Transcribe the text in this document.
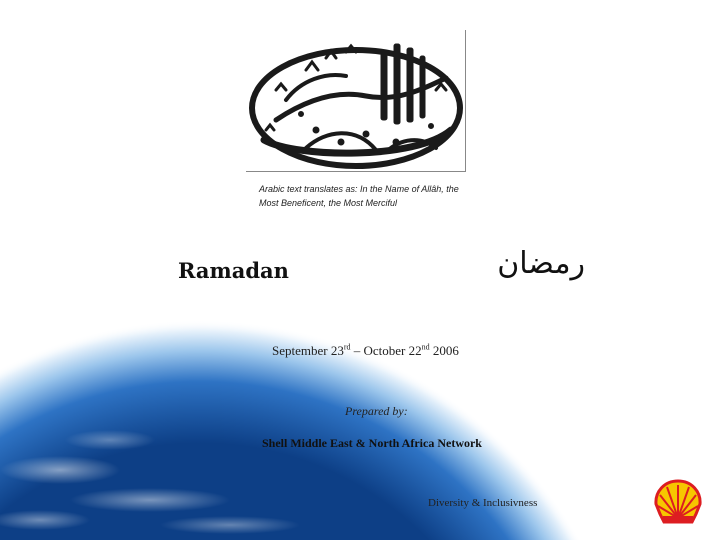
Arabic text translates as: In the Name of Allâh, the
Most Beneficent, the Most Merciful
Ramadan	رمضان
September 23rd – October 22nd 2006
Prepared by:
Shell Middle East & North Africa Network
Diversity & Inclusivness
